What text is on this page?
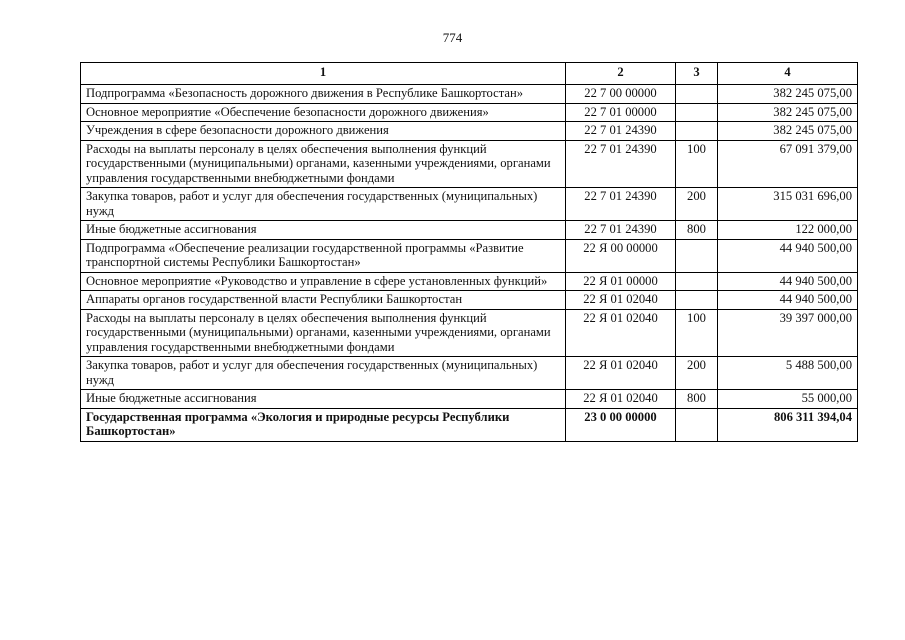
774
1	2	3	4
Подпрограмма «Безопасность дорожного движения в Республике Башкортостан»	22 7 00 00000		382 245 075,00
Основное мероприятие «Обеспечение безопасности дорожного движения»	22 7 01 00000		382 245 075,00
Учреждения в сфере безопасности дорожного движения	22 7 01 24390		382 245 075,00
Расходы на выплаты персоналу в целях обеспечения выполнения функций государственными (муниципальными) органами, казенными учреждениями, органами управления государственными внебюджетными фондами	22 7 01 24390	100	67 091 379,00
Закупка товаров, работ и услуг для обеспечения государственных (муниципальных) нужд	22 7 01 24390	200	315 031 696,00
Иные бюджетные ассигнования	22 7 01 24390	800	122 000,00
Подпрограмма «Обеспечение реализации государственной программы «Развитие транспортной системы Республики Башкортостан»	22 Я 00 00000		44 940 500,00
Основное мероприятие «Руководство и управление в сфере установленных функций»	22 Я 01 00000		44 940 500,00
Аппараты органов государственной власти Республики Башкортостан	22 Я 01 02040		44 940 500,00
Расходы на выплаты персоналу в целях обеспечения выполнения функций государственными (муниципальными) органами, казенными учреждениями, органами управления государственными внебюджетными фондами	22 Я 01 02040	100	39 397 000,00
Закупка товаров, работ и услуг для обеспечения государственных (муниципальных) нужд	22 Я 01 02040	200	5 488 500,00
Иные бюджетные ассигнования	22 Я 01 02040	800	55 000,00
Государственная программа «Экология и природные ресурсы Республики Башкортостан»	23 0 00 00000		806 311 394,04
